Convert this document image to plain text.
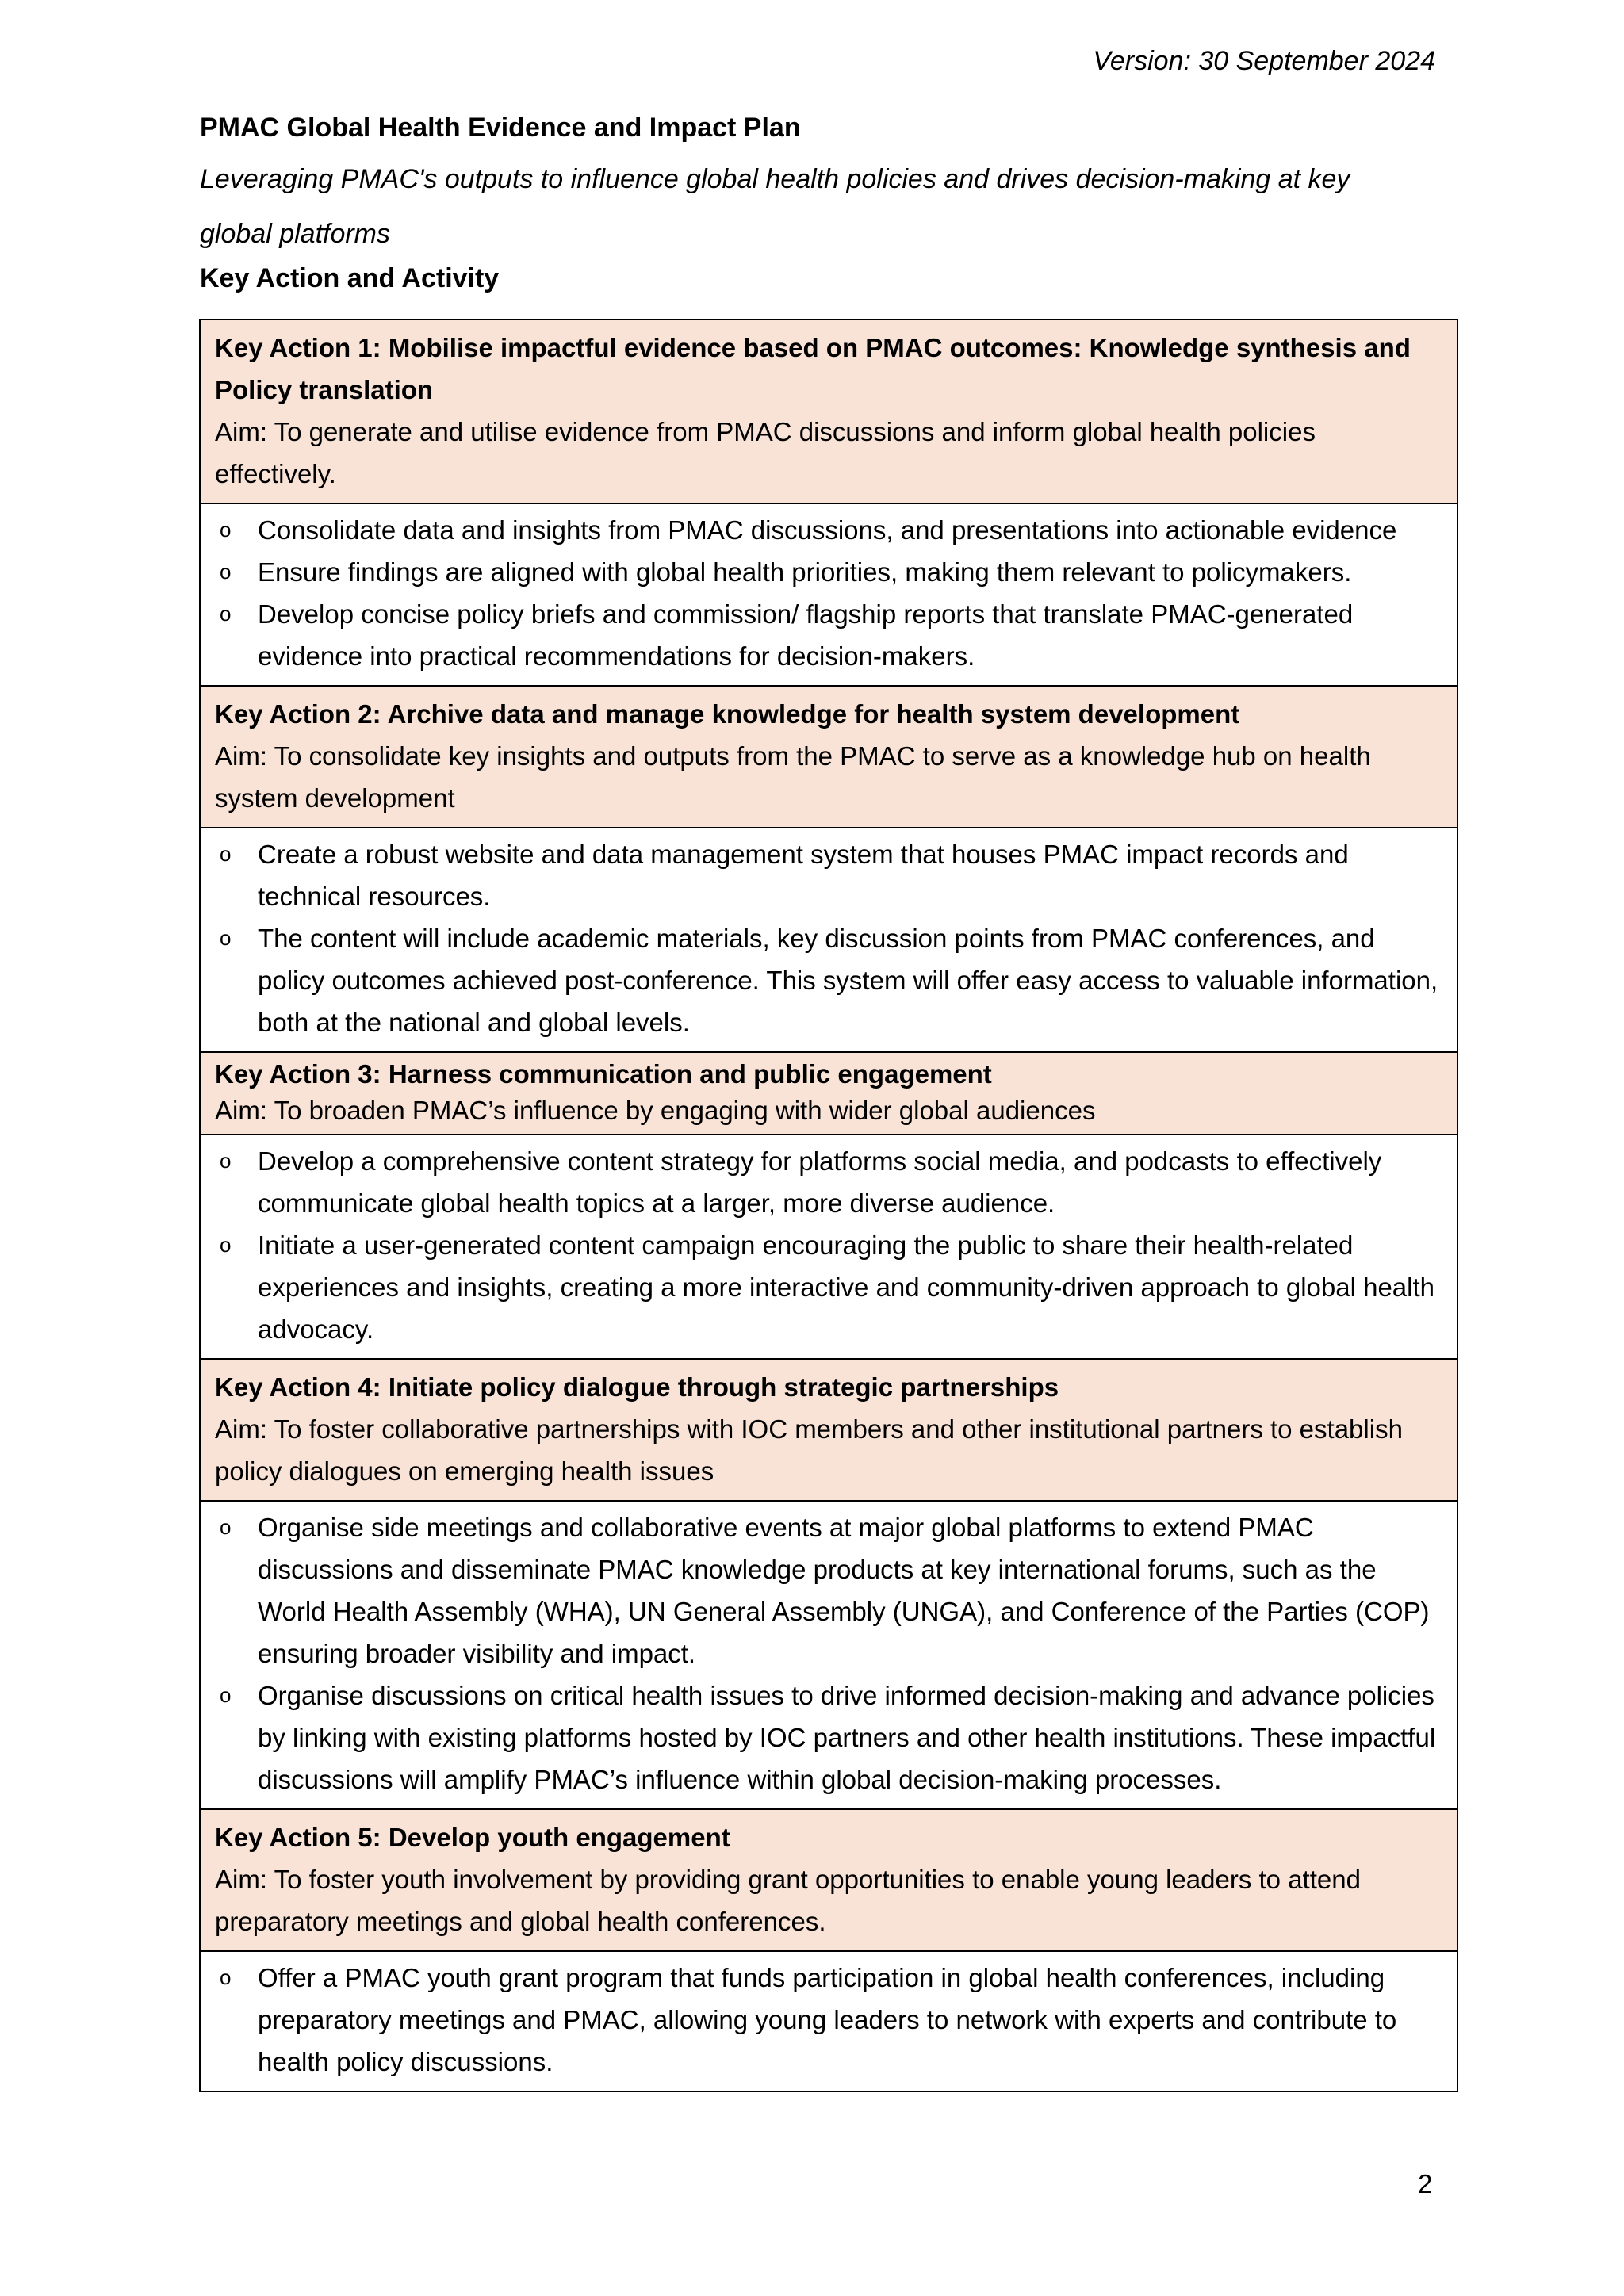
Version: 30 September 2024
PMAC Global Health Evidence and Impact Plan
Leveraging PMAC's outputs to influence global health policies and drives decision-making at key global platforms
Key Action and Activity
Key Action 1: Mobilise impactful evidence based on PMAC outcomes: Knowledge synthesis and Policy translation
Aim: To generate and utilise evidence from PMAC discussions and inform global health policies effectively.
o Consolidate data and insights from PMAC discussions, and presentations into actionable evidence
o Ensure findings are aligned with global health priorities, making them relevant to policymakers.
o Develop concise policy briefs and commission/ flagship reports that translate PMAC-generated evidence into practical recommendations for decision-makers.
Key Action 2: Archive data and manage knowledge for health system development
Aim: To consolidate key insights and outputs from the PMAC to serve as a knowledge hub on health system development
o Create a robust website and data management system that houses PMAC impact records and technical resources.
o The content will include academic materials, key discussion points from PMAC conferences, and policy outcomes achieved post-conference. This system will offer easy access to valuable information, both at the national and global levels.
Key Action 3: Harness communication and public engagement
Aim: To broaden PMAC’s influence by engaging with wider global audiences
o Develop a comprehensive content strategy for platforms social media, and podcasts to effectively communicate global health topics at a larger, more diverse audience.
o Initiate a user-generated content campaign encouraging the public to share their health-related experiences and insights, creating a more interactive and community-driven approach to global health advocacy.
Key Action 4: Initiate policy dialogue through strategic partnerships
Aim: To foster collaborative partnerships with IOC members and other institutional partners to establish policy dialogues on emerging health issues
o Organise side meetings and collaborative events at major global platforms to extend PMAC discussions and disseminate PMAC knowledge products at key international forums, such as the World Health Assembly (WHA), UN General Assembly (UNGA), and Conference of the Parties (COP) ensuring broader visibility and impact.
o Organise discussions on critical health issues to drive informed decision-making and advance policies by linking with existing platforms hosted by IOC partners and other health institutions. These impactful discussions will amplify PMAC’s influence within global decision-making processes.
Key Action 5: Develop youth engagement
Aim: To foster youth involvement by providing grant opportunities to enable young leaders to attend preparatory meetings and global health conferences.
o Offer a PMAC youth grant program that funds participation in global health conferences, including preparatory meetings and PMAC, allowing young leaders to network with experts and contribute to health policy discussions.
2
